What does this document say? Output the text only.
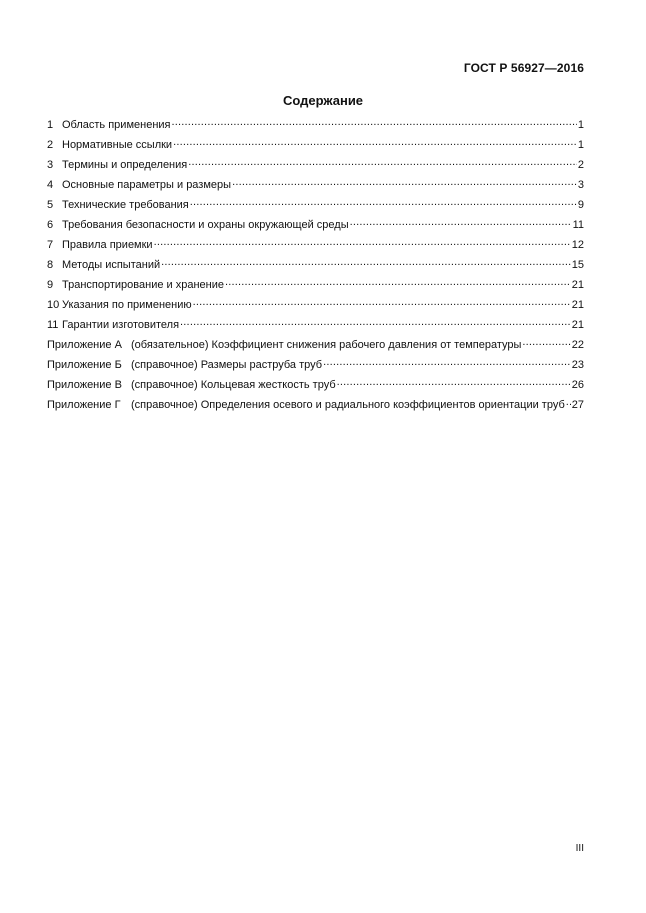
ГОСТ Р 56927—2016
Содержание
1 Область применения .....	1
2 Нормативные ссылки .....	1
3 Термины и определения .....	2
4 Основные параметры и размеры .....	3
5 Технические требования .....	9
6 Требования безопасности и охраны окружающей среды .....	11
7 Правила приемки .....	12
8 Методы испытаний .....	15
9 Транспортирование и хранение .....	21
10 Указания по применению .....	21
11 Гарантии изготовителя .....	21
Приложение А (обязательное) Коэффициент снижения рабочего давления от температуры .....	22
Приложение Б (справочное) Размеры раструба труб .....	23
Приложение В (справочное) Кольцевая жесткость труб .....	26
Приложение Г (справочное) Определения осевого и радиального коэффициентов ориентации труб ..... 27
III
